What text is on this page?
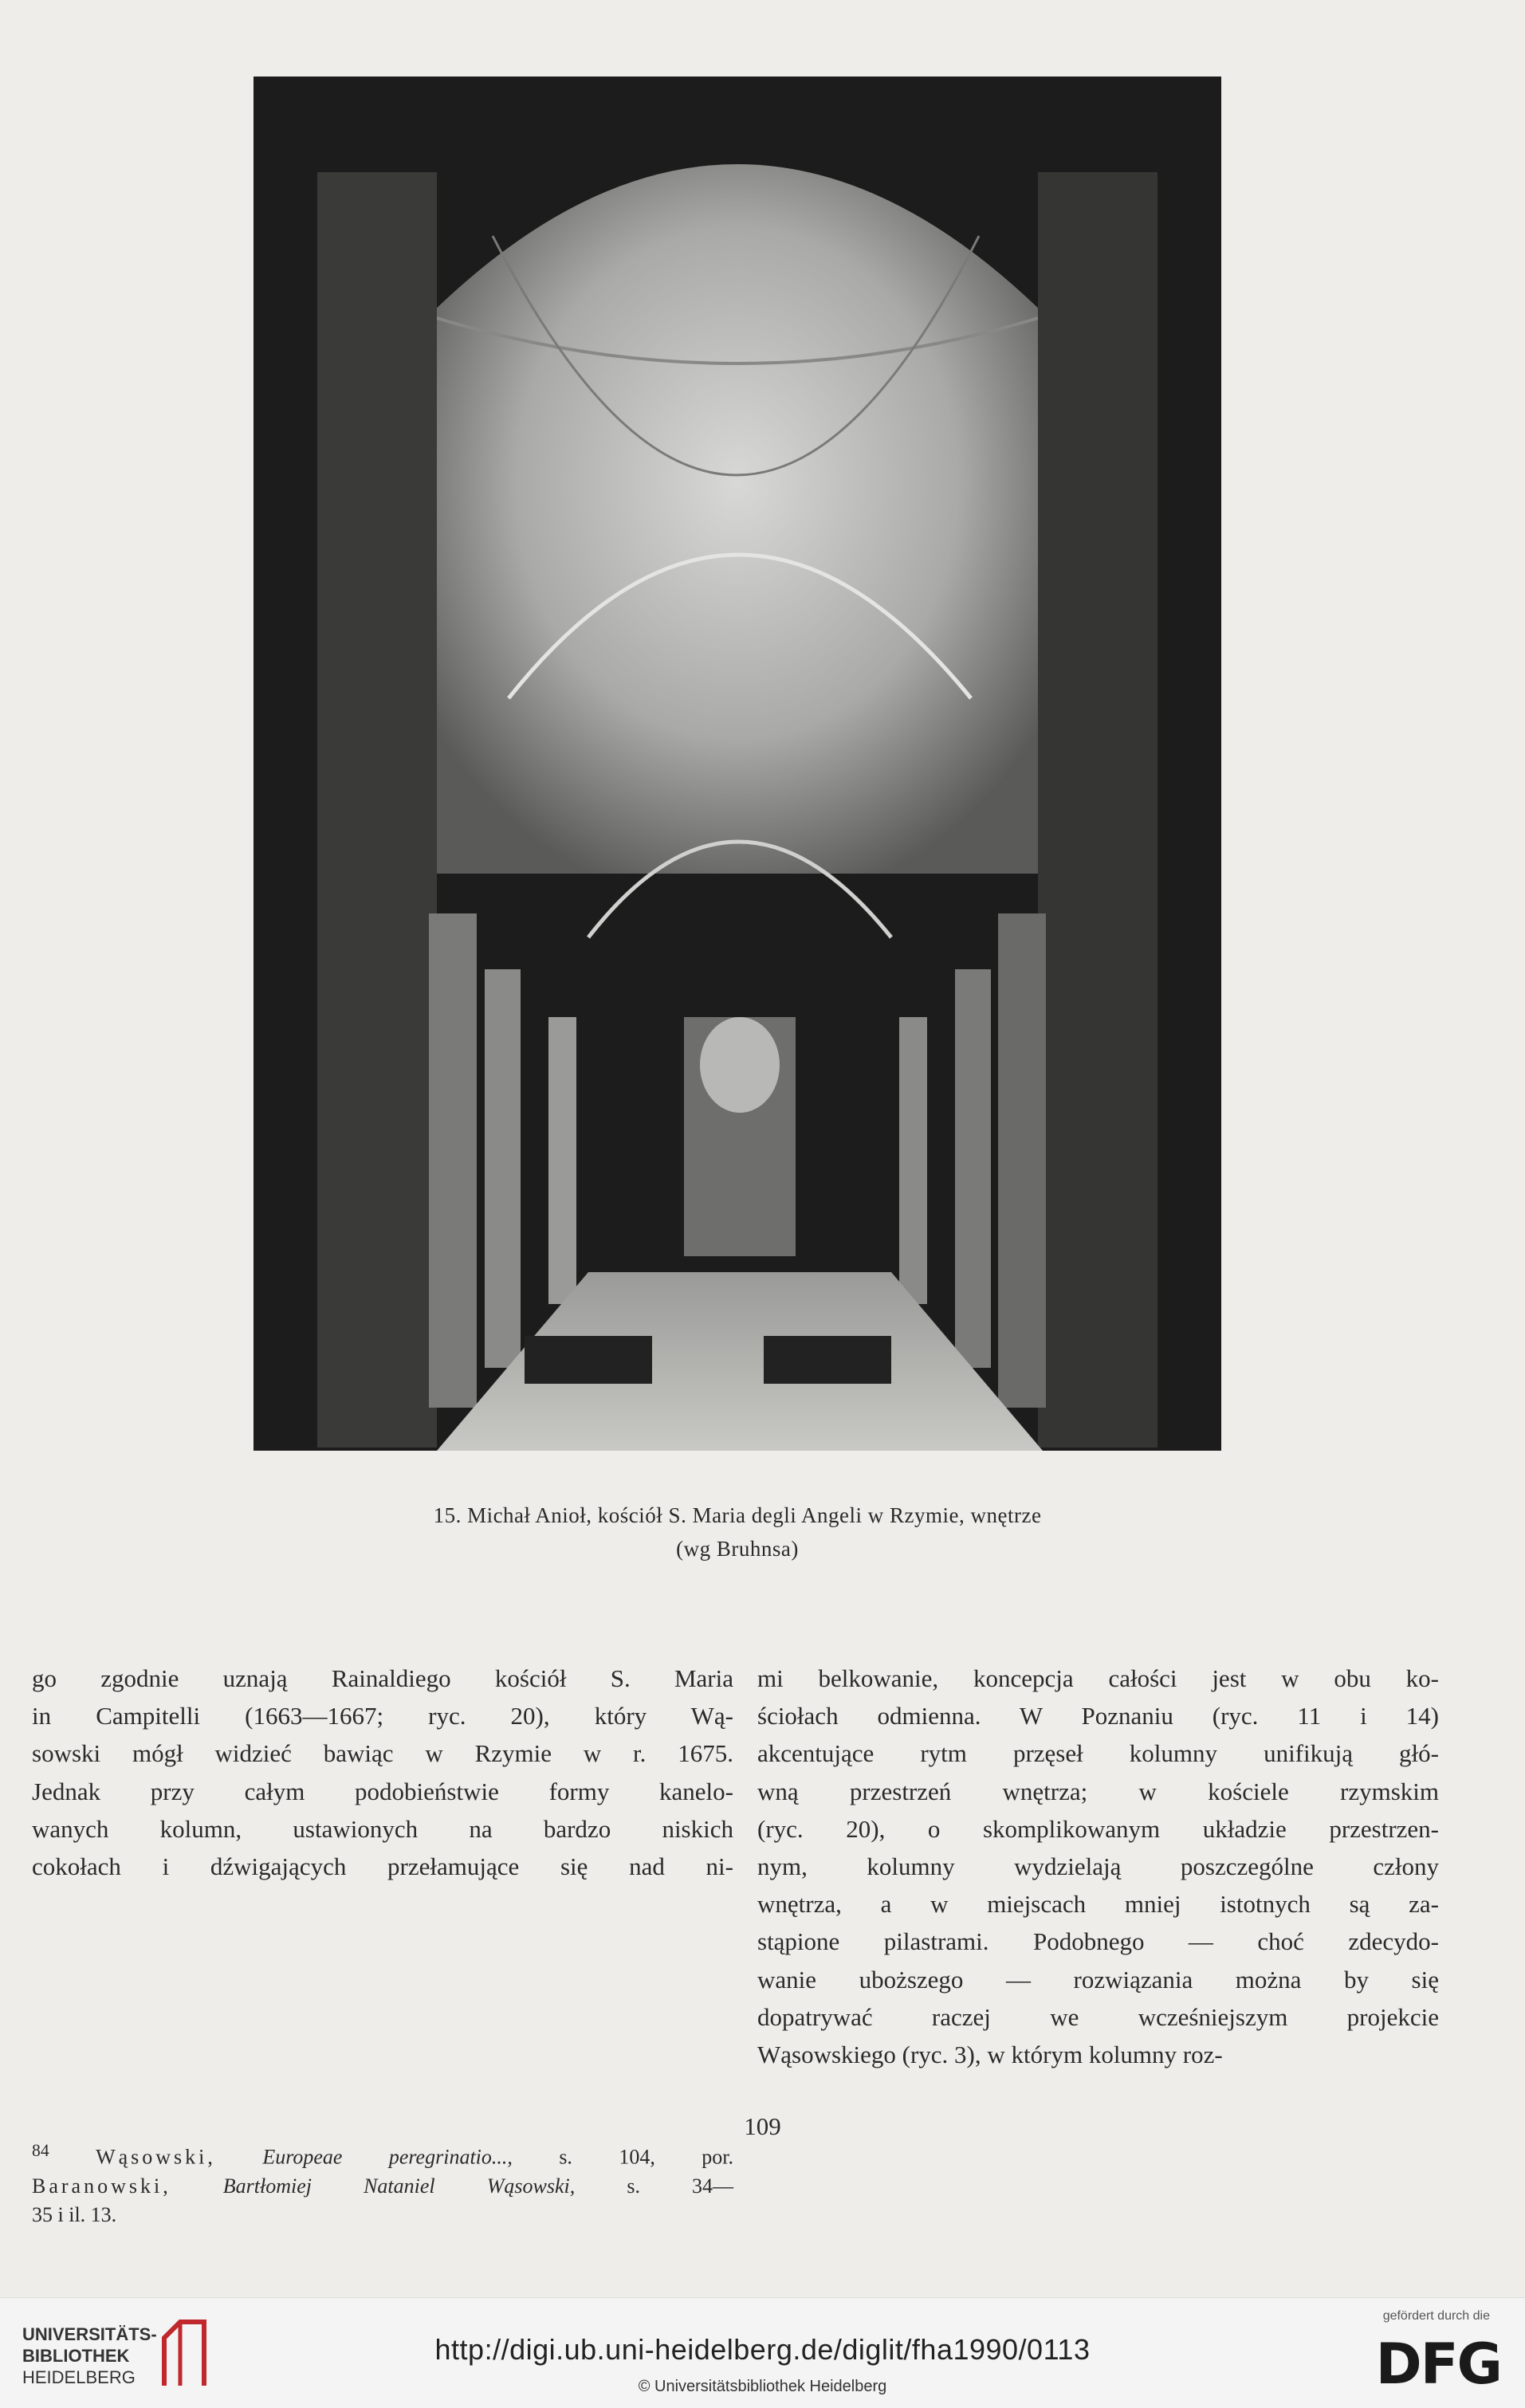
15. Michał Anioł, kościół S. Maria degli Angeli w Rzymie, wnętrze
(wg Bruhnsa)
go zgodnie uznają Rainaldiego kościół S. Maria
in Campitelli (1663—1667; ryc. 20), który Wą-
sowski mógł widzieć bawiąc w Rzymie w r. 1675.
Jednak przy całym podobieństwie formy kanelo-
wanych kolumn, ustawionych na bardzo niskich
cokołach i dźwigających przełamujące się nad ni-
mi belkowanie, koncepcja całości jest w obu ko-
ściołach odmienna. W Poznaniu (ryc. 11 i 14)
akcentujące rytm przęseł kolumny unifikują głó-
wną przestrzeń wnętrza; w kościele rzymskim
(ryc. 20), o skomplikowanym układzie przestrzen-
nym, kolumny wydzielają poszczególne człony
wnętrza, a w miejscach mniej istotnych są za-
stąpione pilastrami. Podobnego — choć zdecydo-
wanie uboższego — rozwiązania można by się
dopatrywać raczej we wcześniejszym projekcie
Wąsowskiego (ryc. 3), w którym kolumny roz-
$^{84}$ Wąsowski, Europeae peregrinatio..., s. 104, por.
Baranowski,	Bartłomiej Nataniel Wąsowski,	s. 34—
35 i il. 13.
109
UNIVERSITÄTS-
BIBLIOTHEK
HEIDELBERG
http://digi.ub.uni-heidelberg.de/diglit/fha1990/0113
© Universitätsbibliothek Heidelberg
gefördert durch die
DFG
